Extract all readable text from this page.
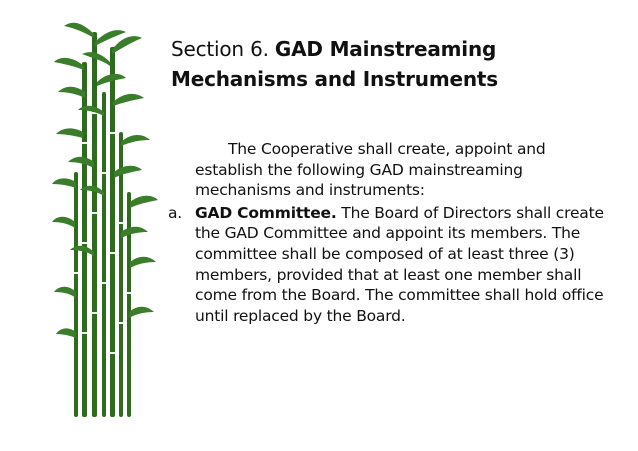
Section 6. GAD Mainstreaming Mechanisms and Instruments

The Cooperative shall create, appoint and establish the following GAD mainstreaming mechanisms and instruments:

a. GAD Committee. The Board of Directors shall create the GAD Committee and appoint its members. The committee shall be composed of at least three (3) members, provided that at least one member shall come from the Board. The committee shall hold office until replaced by the Board.
